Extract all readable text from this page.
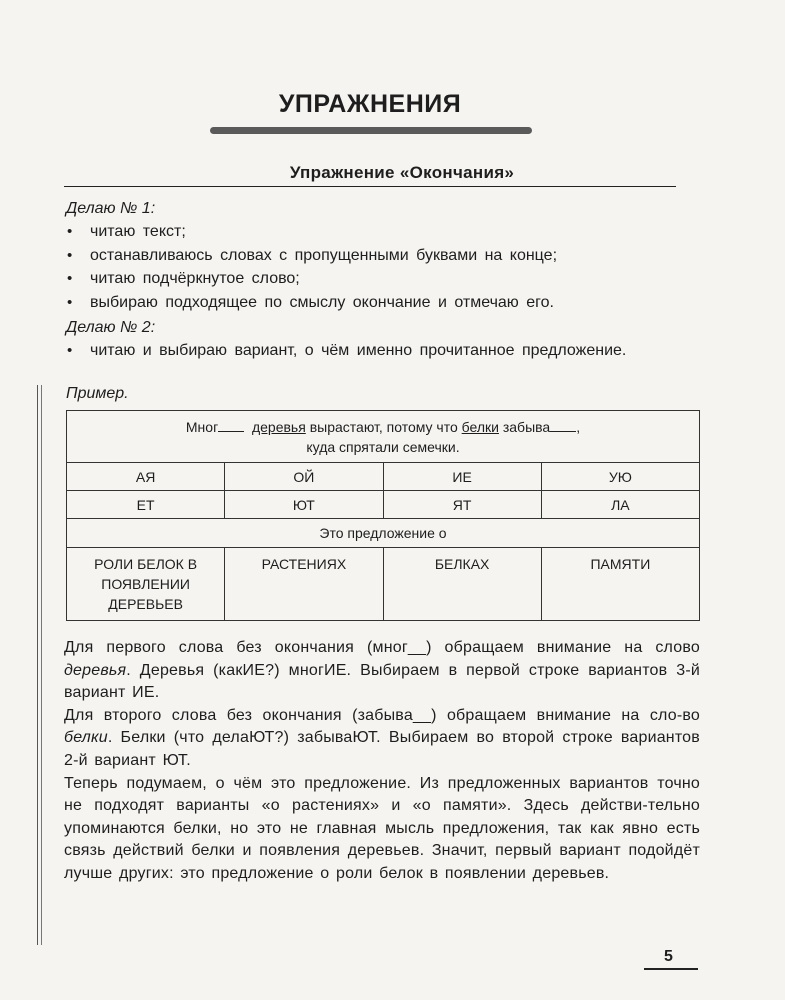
УПРАЖНЕНИЯ
Упражнение «Окончания»
Делаю № 1:
• читаю текст;
• останавливаюсь словах с пропущенными буквами на конце;
• читаю подчёркнутое слово;
• выбираю подходящее по смыслу окончание и отмечаю его.
Делаю № 2:
• читаю и выбираю вариант, о чём именно прочитанное предложение.
Пример.
Мног деревья вырастают, потому что белки забыва ,
куда спрятали семечки.			
АЯ	ОЙ	ИЕ	УЮ
ЕТ	ЮТ	ЯТ	ЛА
Это предложение о			
РОЛИ БЕЛОК В ПОЯВЛЕНИИ ДЕРЕВЬЕВ	РАСТЕНИЯХ	БЕЛКАХ	ПАМЯТИ

Для первого слова без окончания (мног__) обращаем внимание на слово деревья. Деревья (какИЕ?) многИЕ. Выбираем в первой строке вариантов 3-й вариант ИЕ.

Для второго слова без окончания (забыва__) обращаем внимание на сло-во белки. Белки (что делаЮТ?) забываЮТ. Выбираем во второй строке вариантов 2-й вариант ЮТ.

Теперь подумаем, о чём это предложение. Из предложенных вариантов точно не подходят варианты «о растениях» и «о памяти». Здесь действи-тельно упоминаются белки, но это не главная мысль предложения, так как явно есть связь действий белки и появления деревьев. Значит, первый вариант подойдёт лучше других: это предложение о роли белок в появлении деревьев.

5
